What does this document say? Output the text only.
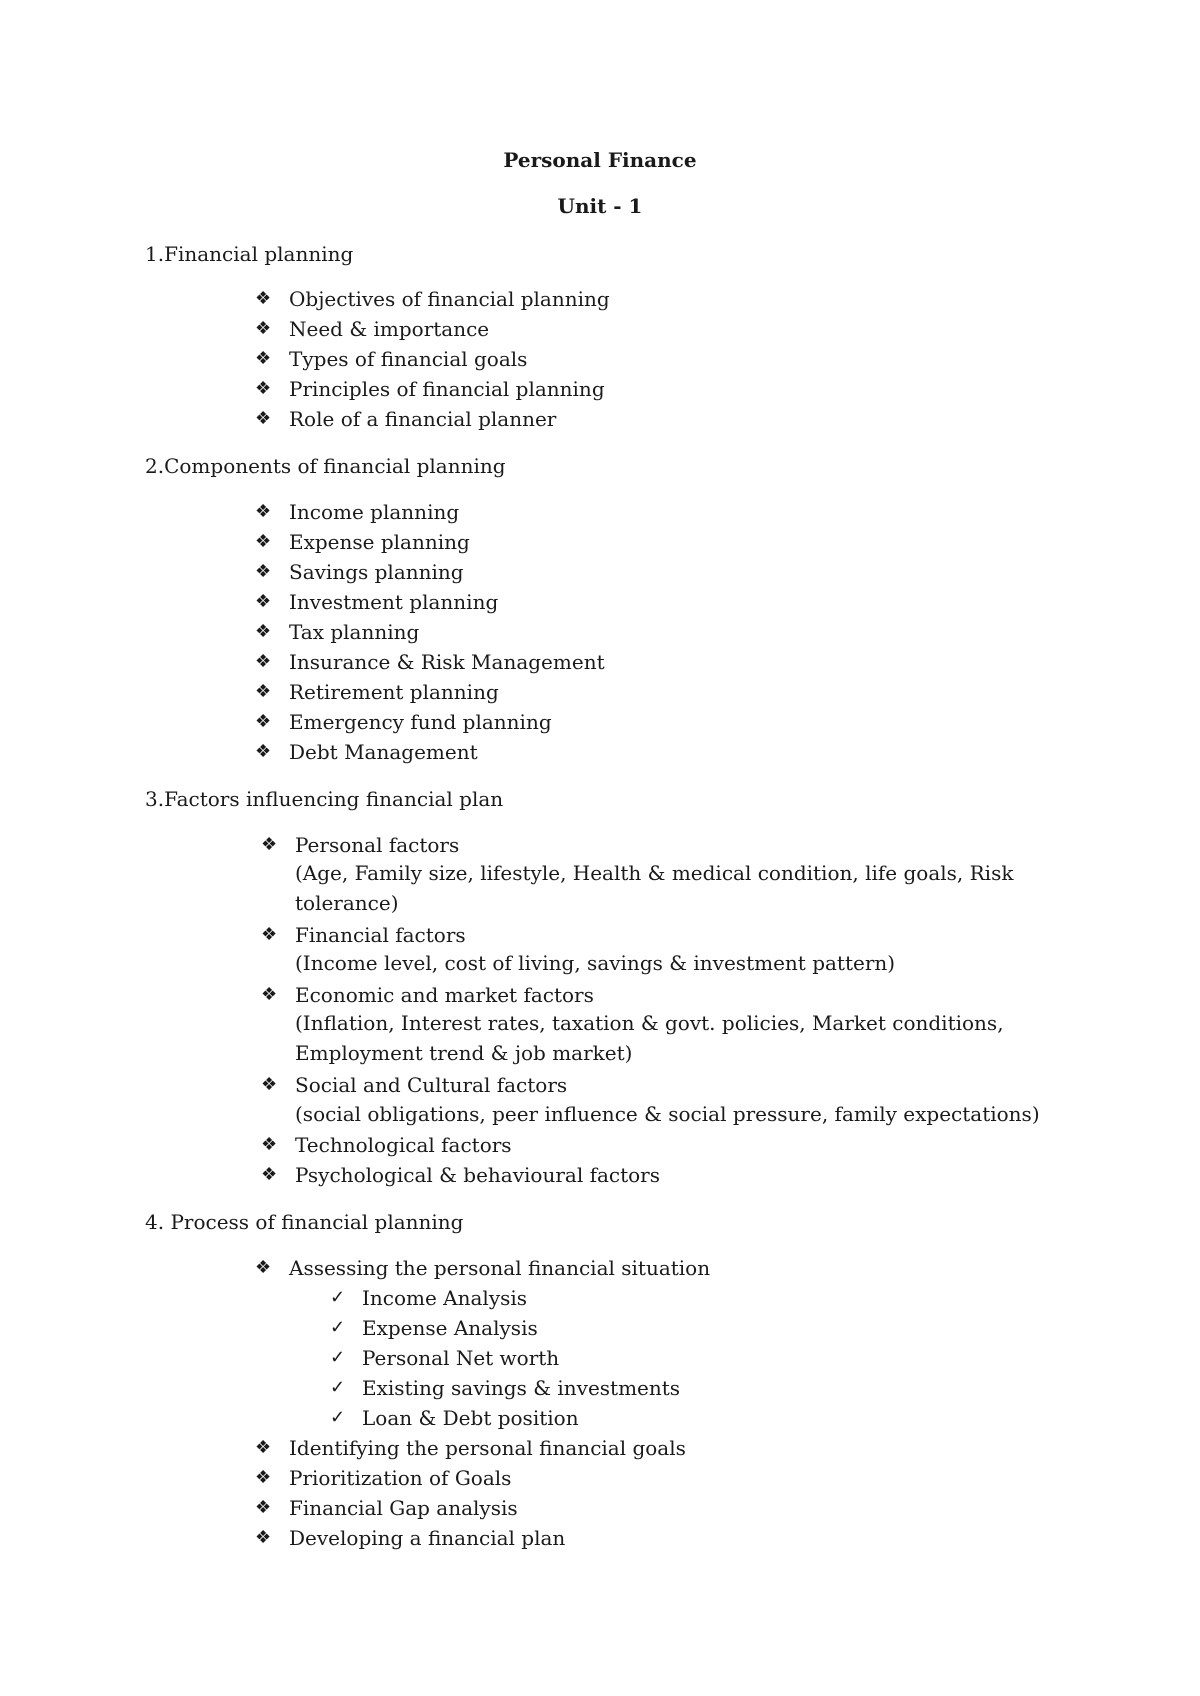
Personal Finance
Unit - 1
1.Financial planning
❖ Objectives of financial planning
❖ Need & importance
❖ Types of financial goals
❖ Principles of financial planning
❖ Role of a financial planner
2.Components of financial planning
❖ Income planning
❖ Expense planning
❖ Savings planning
❖ Investment planning
❖ Tax planning
❖ Insurance & Risk Management
❖ Retirement planning
❖ Emergency fund planning
❖ Debt Management
3.Factors influencing financial plan
❖ Personal factors
(Age, Family size, lifestyle, Health & medical condition, life goals, Risk tolerance)
❖ Financial factors
(Income level, cost of living, savings & investment pattern)
❖ Economic and market factors
(Inflation, Interest rates, taxation & govt. policies, Market conditions, Employment trend & job market)
❖ Social and Cultural factors
(social obligations, peer influence & social pressure, family expectations)
❖ Technological factors
❖ Psychological & behavioural factors
4. Process of financial planning
❖ Assessing the personal financial situation
✓ Income Analysis
✓ Expense Analysis
✓ Personal Net worth
✓ Existing savings & investments
✓ Loan & Debt position
❖ Identifying the personal financial goals
❖ Prioritization of Goals
❖ Financial Gap analysis
❖ Developing a financial plan
